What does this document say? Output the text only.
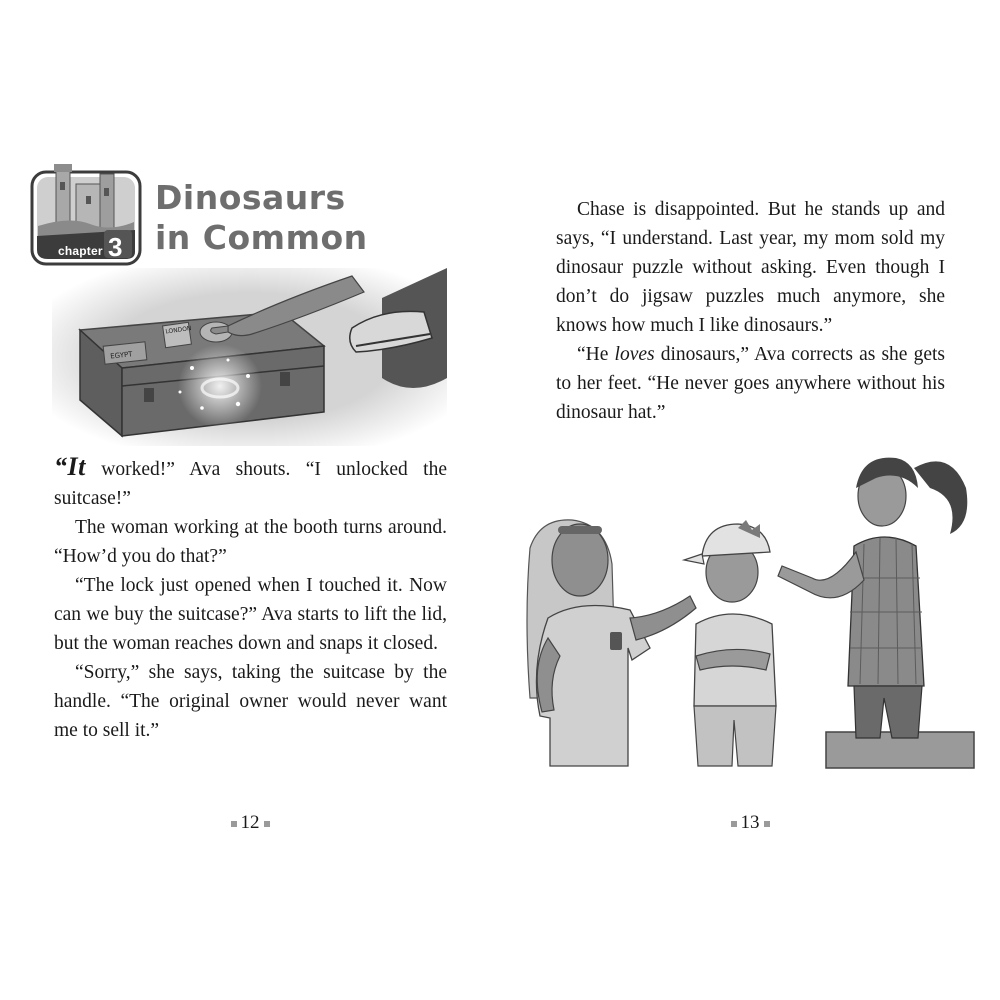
chapter 3
Dinosaurs
in Common
LONDON
EGYPT

“It worked!” Ava shouts. “I unlocked the suitcase!”

The woman working at the booth turns around. “How’d you do that?”

“The lock just opened when I touched it. Now can we buy the suitcase?” Ava starts to lift the lid, but the woman reaches down and snaps it closed.

“Sorry,” she says, taking the suitcase by the handle. “The original owner would never want me to sell it.”

12

Chase is disappointed. But he stands up and says, “I understand. Last year, my mom sold my dinosaur puzzle without asking. Even though I don’t do jigsaw puzzles much anymore, she knows how much I like dinosaurs.”

“He loves dinosaurs,” Ava corrects as she gets to her feet. “He never goes anywhere without his dinosaur hat.”

13
